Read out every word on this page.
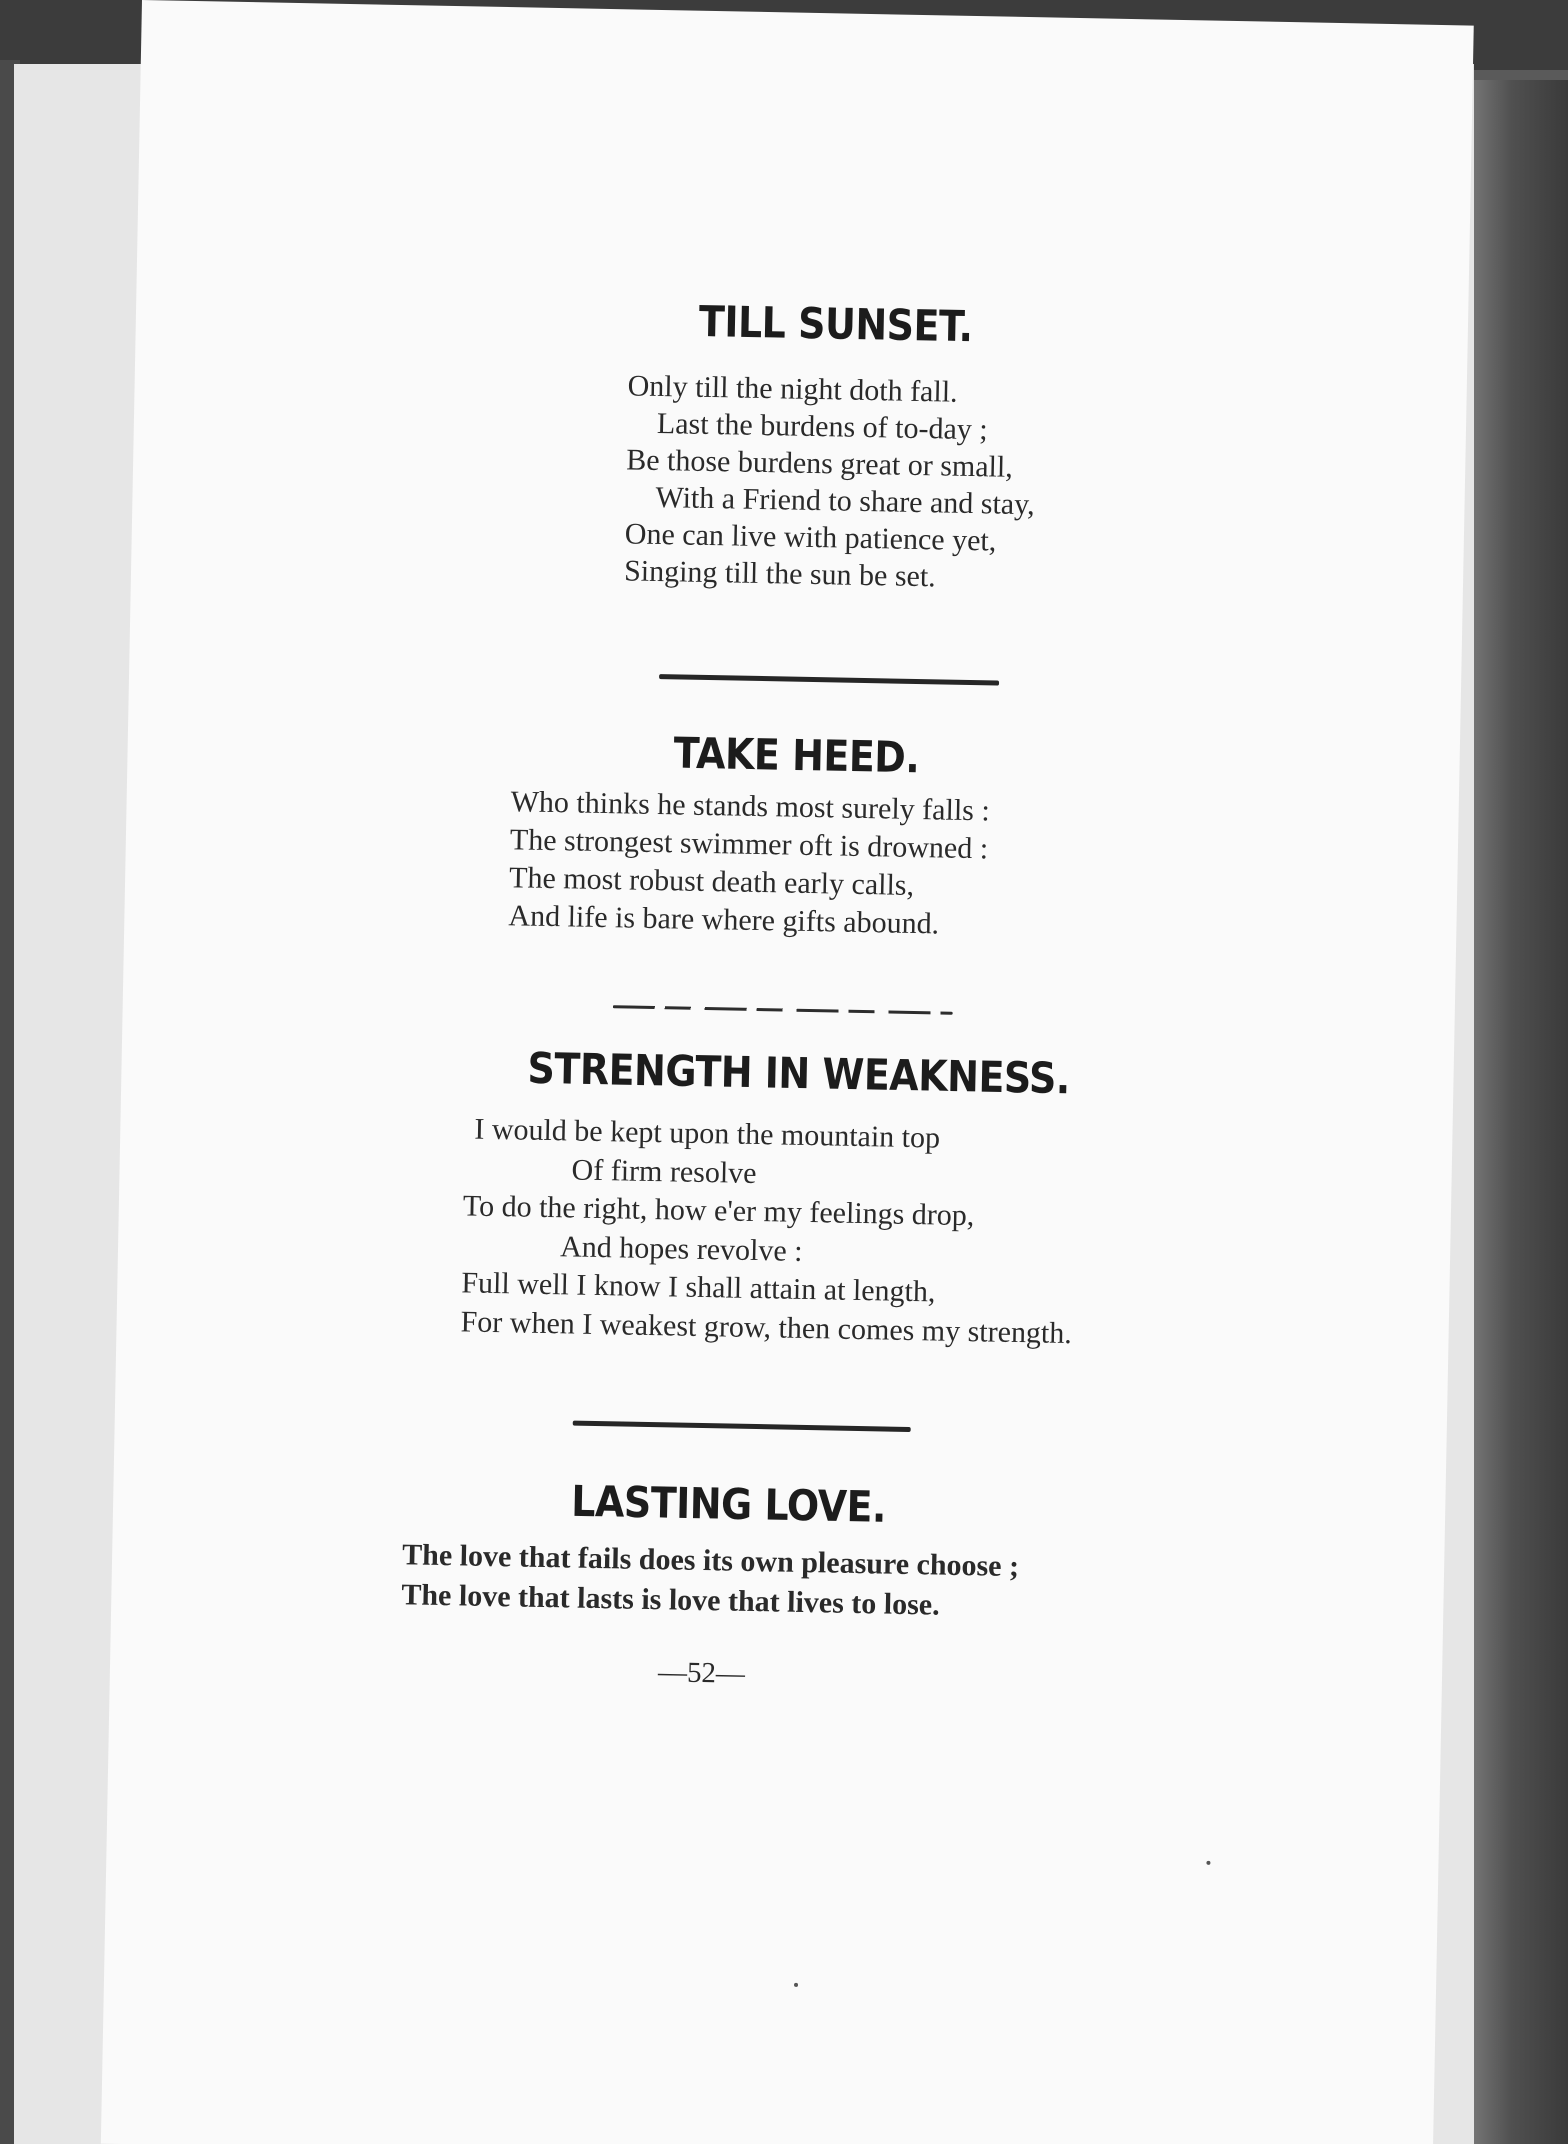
TILL SUNSET.
Only till the night doth fall.
Last the burdens of to-day ;
Be those burdens great or small,
With a Friend to share and stay,
One can live with patience yet,
Singing till the sun be set.
TAKE HEED.
Who thinks he stands most surely falls :
The strongest swimmer oft is drowned :
The most robust death early calls,
And life is bare where gifts abound.
STRENGTH IN WEAKNESS.
I would be kept upon the mountain top
Of firm resolve
To do the right, how e'er my feelings drop,
And hopes revolve :
Full well I know I shall attain at length,
For when I weakest grow, then comes my strength.
LASTING LOVE.
The love that fails does its own pleasure choose ;
The love that lasts is love that lives to lose.
—52—
